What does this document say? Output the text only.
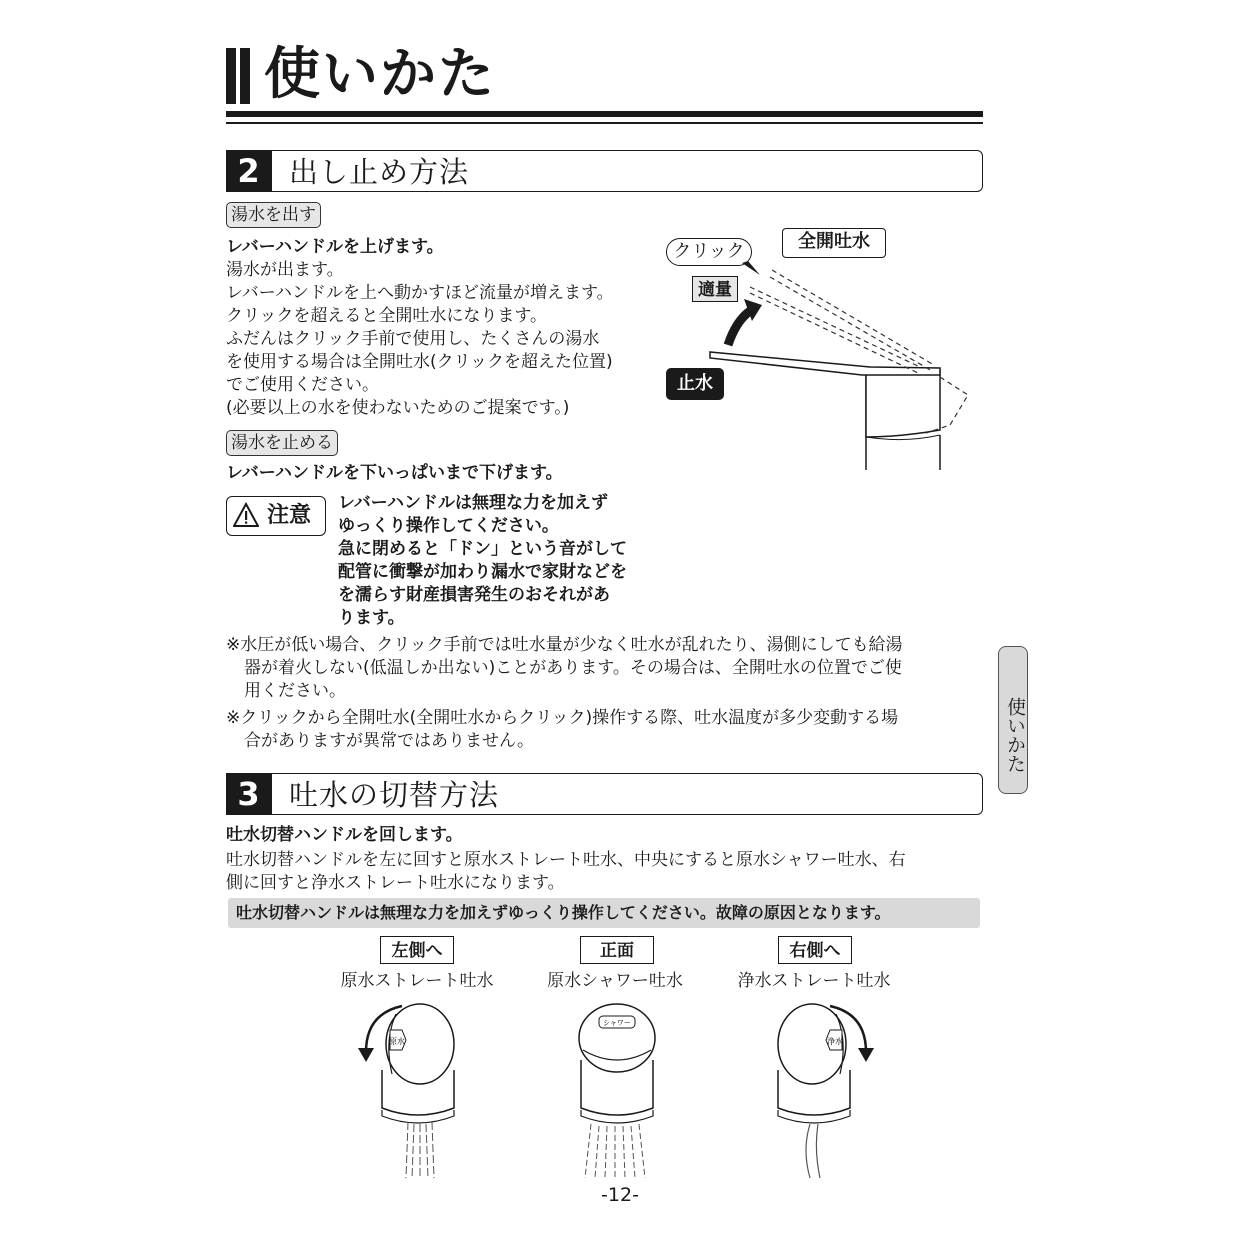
使いかた
2	出し止め方法
湯水を出す
レバーハンドルを上げます。
湯水が出ます。
レバーハンドルを上へ動かすほど流量が増えます。
クリックを超えると全開吐水になります。
ふだんはクリック手前で使用し、たくさんの湯水
を使用する場合は全開吐水(クリックを超えた位置)
でご使用ください。
(必要以上の水を使わないためのご提案です。)
湯水を止める
レバーハンドルを下いっぱいまで下げます。
注意 レバーハンドルは無理な力を加えず
ゆっくり操作してください。
急に閉めると「ドン」という音がして
配管に衝撃が加わり漏水で家財などを
を濡らす財産損害発生のおそれがあ
ります。
クリック	全開吐水
適量
止水
※水圧が低い場合、クリック手前では吐水量が少なく吐水が乱れたり、湯側にしても給湯
器が着火しない(低温しか出ない)ことがあります。その場合は、全開吐水の位置でご使
用ください。
※クリックから全開吐水(全開吐水からクリック)操作する際、吐水温度が多少変動する場
合がありますが異常ではありません。	使いかた
3	吐水の切替方法
吐水切替ハンドルを回します。
吐水切替ハンドルを左に回すと原水ストレート吐水、中央にすると原水シャワー吐水、右
側に回すと浄水ストレート吐水になります。
吐水切替ハンドルは無理な力を加えずゆっくり操作してください。故障の原因となります。
左側へ
原水ストレート吐水
正面
原水シャワー吐水
右側へ
浄水ストレート吐水
原水
シャワー
浄水
-12-
